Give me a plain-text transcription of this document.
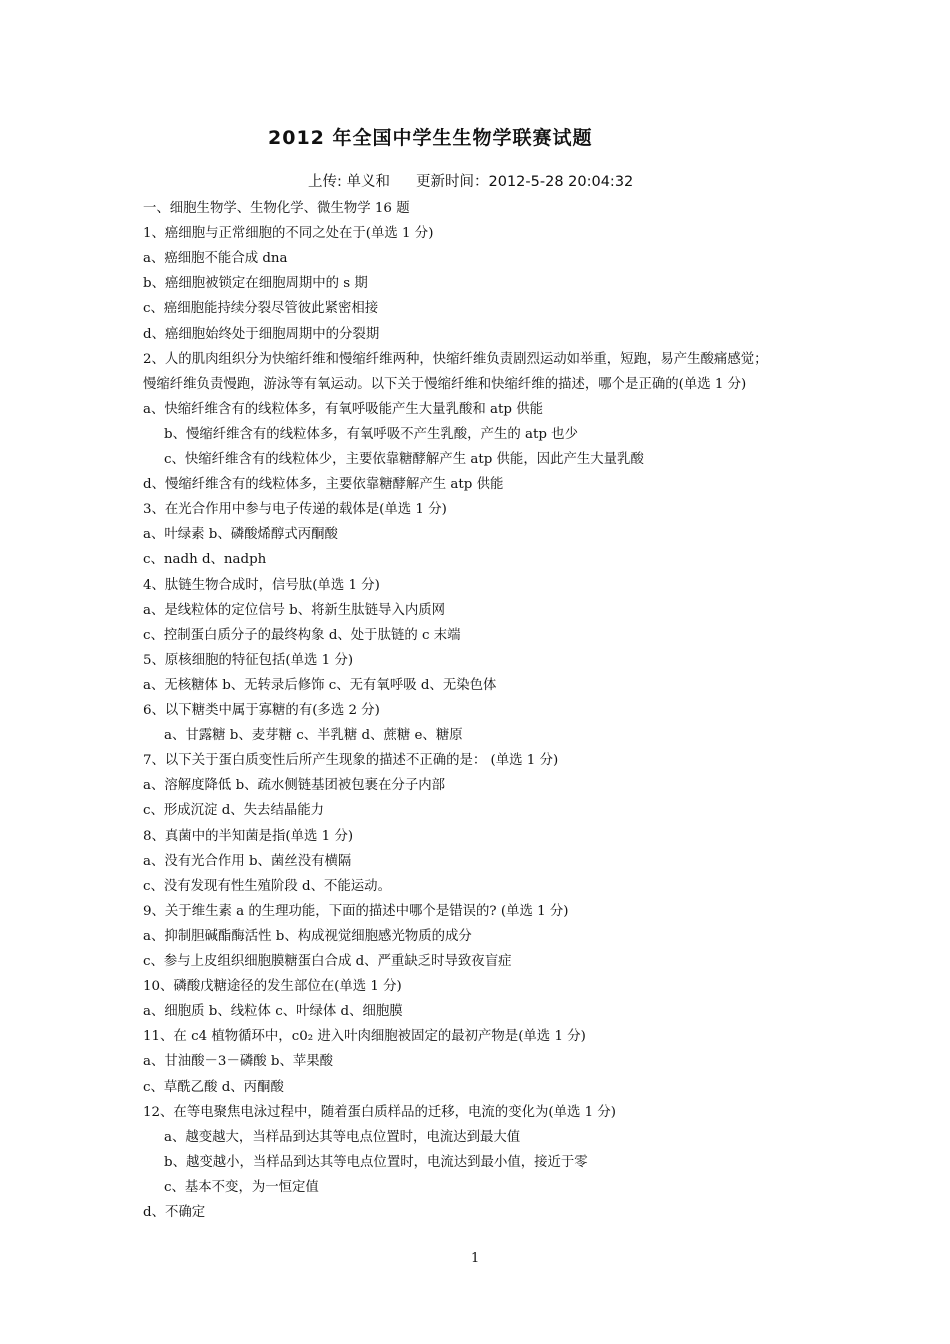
2012 年全国中学生生物学联赛试题
上传: 单义和 更新时间：2012-5-28 20:04:32
一、细胞生物学、生物化学、微生物学 16 题
1、癌细胞与正常细胞的不同之处在于(单选 1 分)
a、癌细胞不能合成 dna
b、癌细胞被锁定在细胞周期中的 s 期
c、癌细胞能持续分裂尽管彼此紧密相接
d、癌细胞始终处于细胞周期中的分裂期
2、人的肌肉组织分为快缩纤维和慢缩纤维两种，快缩纤维负责剧烈运动如举重，短跑，易产生酸痛感觉；
慢缩纤维负责慢跑，游泳等有氧运动。以下关于慢缩纤维和快缩纤维的描述，哪个是正确的(单选 1 分)
a、快缩纤维含有的线粒体多，有氧呼吸能产生大量乳酸和 atp 供能
b、慢缩纤维含有的线粒体多，有氧呼吸不产生乳酸，产生的 atp 也少
c、快缩纤维含有的线粒体少，主要依靠糖酵解产生 atp 供能，因此产生大量乳酸
d、慢缩纤维含有的线粒体多，主要依靠糖酵解产生 atp 供能
3、在光合作用中参与电子传递的载体是(单选 1 分)
a、叶绿素 b、磷酸烯醇式丙酮酸
c、nadh d、nadph
4、肽链生物合成时，信号肽(单选 1 分)
a、是线粒体的定位信号 b、将新生肽链导入内质网
c、控制蛋白质分子的最终构象 d、处于肽链的 c 末端
5、原核细胞的特征包括(单选 1 分)
a、无核糖体 b、无转录后修饰 c、无有氧呼吸 d、无染色体
6、以下糖类中属于寡糖的有(多选 2 分)
a、甘露糖 b、麦芽糖 c、半乳糖 d、蔗糖 e、糖原
7、以下关于蛋白质变性后所产生现象的描述不正确的是： (单选 1 分)
a、溶解度降低 b、疏水侧链基团被包裹在分子内部
c、形成沉淀 d、失去结晶能力
8、真菌中的半知菌是指(单选 1 分)
a、没有光合作用 b、菌丝没有横隔
c、没有发现有性生殖阶段 d、不能运动。
9、关于维生素 a 的生理功能，下面的描述中哪个是错误的? (单选 1 分)
a、抑制胆碱酯酶活性 b、构成视觉细胞感光物质的成分
c、参与上皮组织细胞膜糖蛋白合成 d、严重缺乏时导致夜盲症
10、磷酸戊糖途径的发生部位在(单选 1 分)
a、细胞质 b、线粒体 c、叶绿体 d、细胞膜
11、在 c4 植物循环中，c0₂ 进入叶肉细胞被固定的最初产物是(单选 1 分)
a、甘油酸－3－磷酸 b、苹果酸
c、草酰乙酸 d、丙酮酸
12、在等电聚焦电泳过程中，随着蛋白质样品的迁移，电流的变化为(单选 1 分)
a、越变越大，当样品到达其等电点位置时，电流达到最大值
b、越变越小，当样品到达其等电点位置时，电流达到最小值，接近于零
c、基本不变，为一恒定值
d、不确定
1
